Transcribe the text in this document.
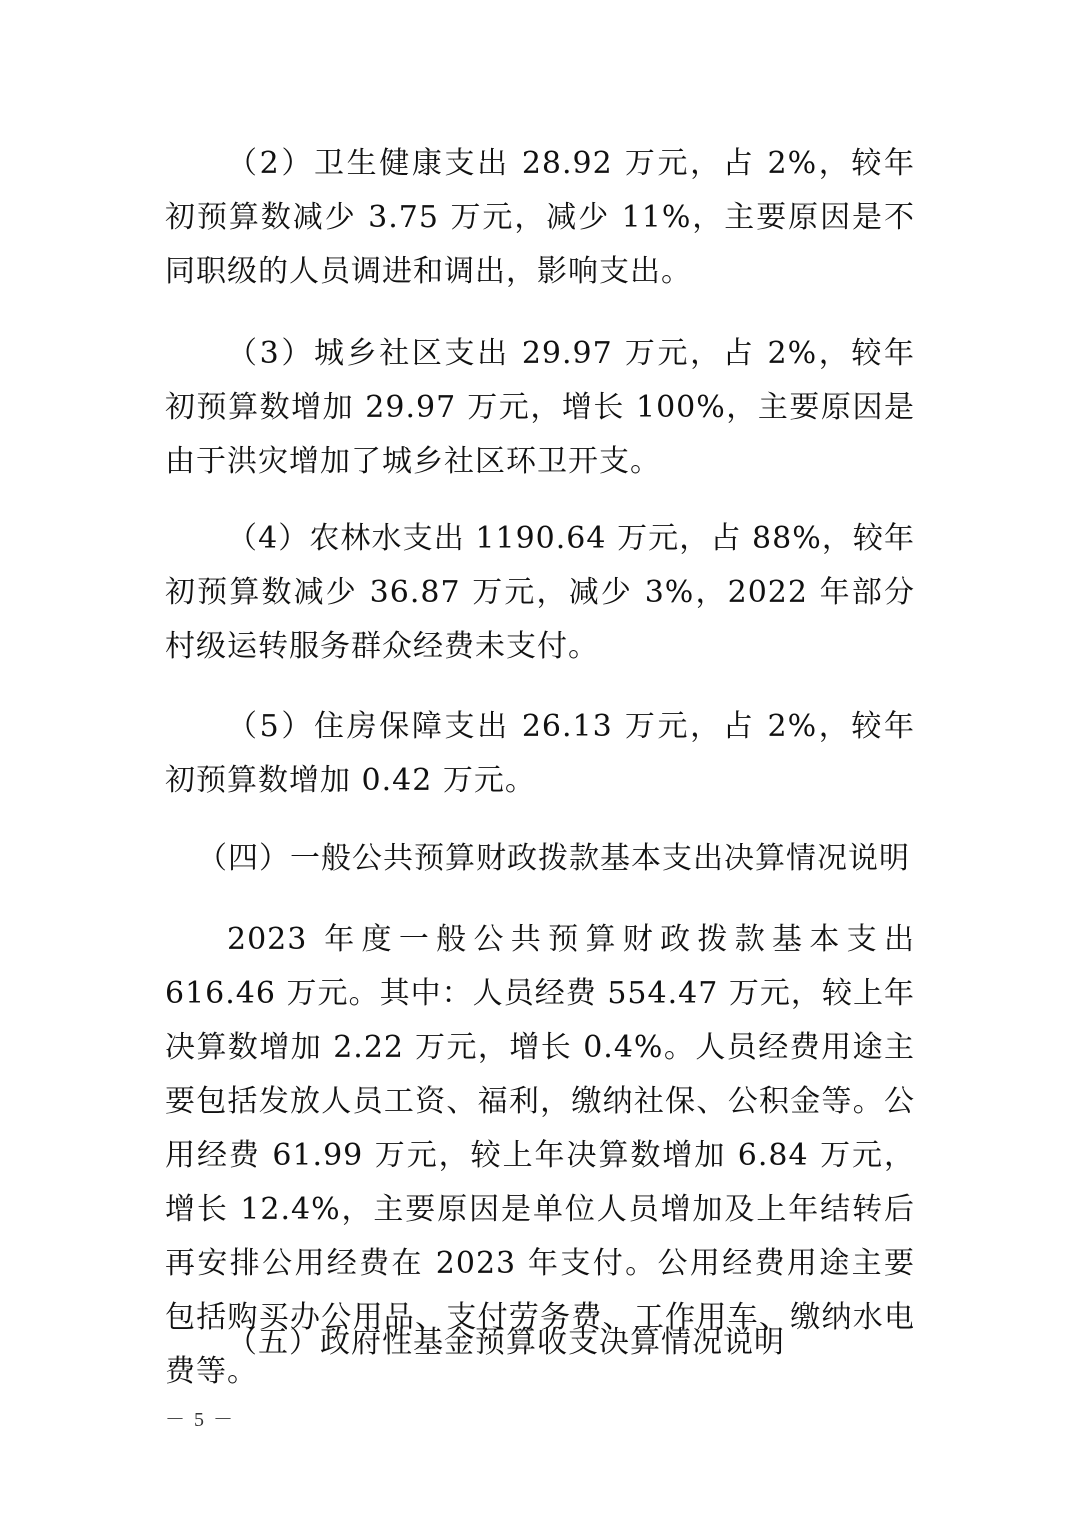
（2）卫生健康支出 28.92 万元，占 2%，较年初预算数减少 3.75 万元，减少 11%，主要原因是不同职级的人员调进和调出，影响支出。

（3）城乡社区支出 29.97 万元，占 2%，较年初预算数增加 29.97 万元，增长 100%，主要原因是由于洪灾增加了城乡社区环卫开支。

（4）农林水支出 1190.64 万元，占 88%，较年初预算数减少 36.87 万元，减少 3%，2022 年部分村级运转服务群众经费未支付。

（5）住房保障支出 26.13 万元，占 2%，较年初预算数增加 0.42 万元。

（四）一般公共预算财政拨款基本支出决算情况说明

2023 年度一般公共预算财政拨款基本支出 616.46 万元。其中：人员经费 554.47 万元，较上年决算数增加 2.22 万元，增长 0.4%。人员经费用途主要包括发放人员工资、福利，缴纳社保、公积金等。公用经费 61.99 万元，较上年决算数增加 6.84 万元，增长 12.4%，主要原因是单位人员增加及上年结转后再安排公用经费在 2023 年支付。公用经费用途主要包括购买办公用品、支付劳务费、工作用车、缴纳水电费等。

（五）政府性基金预算收支决算情况说明
－ 5 －
